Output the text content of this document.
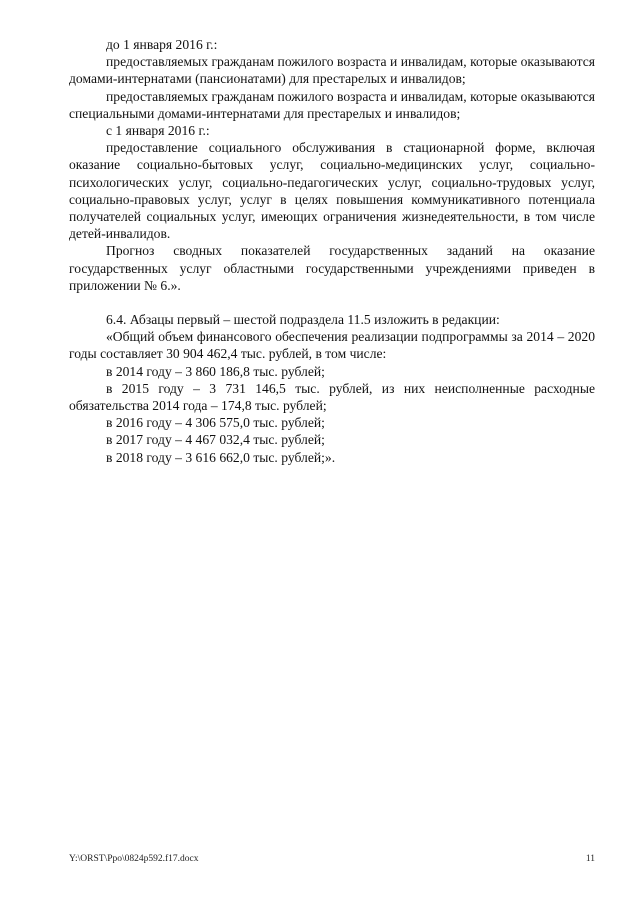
до 1 января 2016 г.:

предоставляемых гражданам пожилого возраста и инвалидам, которые оказываются домами-интернатами (пансионатами) для престарелых и инвалидов;

предоставляемых гражданам пожилого возраста и инвалидам, которые оказываются специальными домами-интернатами для престарелых и инвалидов;

с 1 января 2016 г.:

предоставление социального обслуживания в стационарной форме, включая оказание социально-бытовых услуг, социально-медицинских услуг, социально-психологических услуг, социально-педагогических услуг, социально-трудовых услуг, социально-правовых услуг, услуг в целях повышения коммуникативного потенциала получателей социальных услуг, имеющих ограничения жизнедеятельности, в том числе детей-инвалидов.

Прогноз сводных показателей государственных заданий на оказание государственных услуг областными государственными учреждениями приведен в приложении № 6.».

6.4. Абзацы первый – шестой подраздела 11.5 изложить в редакции:

«Общий объем финансового обеспечения реализации подпрограммы за 2014 – 2020 годы составляет 30 904 462,4 тыс. рублей, в том числе:

в 2014 году – 3 860 186,8 тыс. рублей;

в 2015 году – 3 731 146,5 тыс. рублей, из них неисполненные расходные обязательства 2014 года – 174,8 тыс. рублей;

в 2016 году – 4 306 575,0 тыс. рублей;

в 2017 году – 4 467 032,4 тыс. рублей;

в 2018 году – 3 616 662,0 тыс. рублей;».

Y:\ORST\Ppo\0824p592.f17.docx	11
